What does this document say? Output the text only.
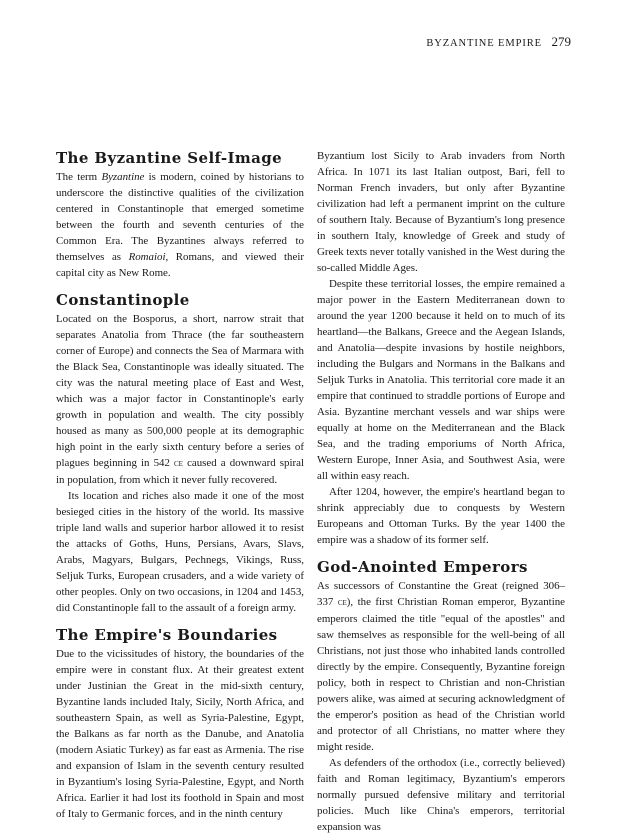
BYZANTINE EMPIRE 279
The Byzantine Self-Image

The term Byzantine is modern, coined by historians to underscore the distinctive qualities of the civilization centered in Constantinople that emerged sometime between the fourth and seventh centuries of the Common Era. The Byzantines always referred to themselves as Romaioi, Romans, and viewed their capital city as New Rome.

Constantinople

Located on the Bosporus, a short, narrow strait that separates Anatolia from Thrace (the far southeastern corner of Europe) and connects the Sea of Marmara with the Black Sea, Constantinople was ideally situated. The city was the natural meeting place of East and West, which was a major factor in Constantinople's early growth in population and wealth. The city possibly housed as many as 500,000 people at its demographic high point in the early sixth century before a series of plagues beginning in 542 ce caused a downward spiral in population, from which it never fully recovered.

Its location and riches also made it one of the most besieged cities in the history of the world. Its massive triple land walls and superior harbor allowed it to resist the attacks of Goths, Huns, Persians, Avars, Slavs, Arabs, Magyars, Bulgars, Pechnegs, Vikings, Russ, Seljuk Turks, European crusaders, and a wide variety of other peoples. Only on two occasions, in 1204 and 1453, did Constantinople fall to the assault of a foreign army.

The Empire's Boundaries

Due to the vicissitudes of history, the boundaries of the empire were in constant flux. At their greatest extent under Justinian the Great in the mid-sixth century, Byzantine lands included Italy, Sicily, North Africa, and southeastern Spain, as well as Syria-Palestine, Egypt, the Balkans as far north as the Danube, and Anatolia (modern Asiatic Turkey) as far east as Armenia. The rise and expansion of Islam in the seventh century resulted in Byzantium's losing Syria-Palestine, Egypt, and North Africa. Earlier it had lost its foothold in Spain and most of Italy to Germanic forces, and in the ninth century

Byzantium lost Sicily to Arab invaders from North Africa. In 1071 its last Italian outpost, Bari, fell to Norman French invaders, but only after Byzantine civilization had left a permanent imprint on the culture of southern Italy. Because of Byzantium's long presence in southern Italy, knowledge of Greek and study of Greek texts never totally vanished in the West during the so-called Middle Ages.

Despite these territorial losses, the empire remained a major power in the Eastern Mediterranean down to around the year 1200 because it held on to much of its heartland—the Balkans, Greece and the Aegean Islands, and Anatolia—despite invasions by hostile neighbors, including the Bulgars and Normans in the Balkans and Seljuk Turks in Anatolia. This territorial core made it an empire that continued to straddle portions of Europe and Asia. Byzantine merchant vessels and war ships were equally at home on the Mediterranean and the Black Sea, and the trading emporiums of North Africa, Western Europe, Inner Asia, and Southwest Asia, were all within easy reach.

After 1204, however, the empire's heartland began to shrink appreciably due to conquests by Western Europeans and Ottoman Turks. By the year 1400 the empire was a shadow of its former self.

God-Anointed Emperors

As successors of Constantine the Great (reigned 306–337 ce), the first Christian Roman emperor, Byzantine emperors claimed the title "equal of the apostles" and saw themselves as responsible for the well-being of all Christians, not just those who inhabited lands controlled directly by the empire. Consequently, Byzantine foreign policy, both in respect to Christian and non-Christian powers alike, was aimed at securing acknowledgment of the emperor's position as head of the Christian world and protector of all Christians, no matter where they might reside.

As defenders of the orthodox (i.e., correctly believed) faith and Roman legitimacy, Byzantium's emperors normally pursued defensive military and territorial policies. Much like China's emperors, territorial expansion was
